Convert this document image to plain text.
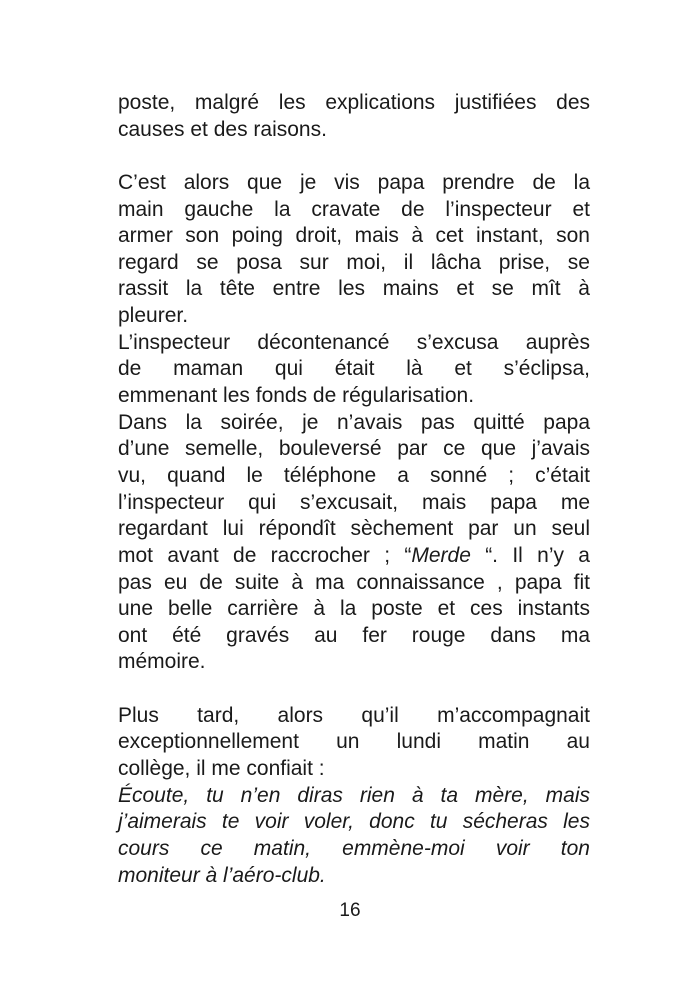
poste, malgré les explications justifiées des
causes et des raisons.
C’est alors que je vis papa prendre de la
main gauche la cravate de l’inspecteur et
armer son poing droit, mais à cet instant, son
regard se posa sur moi, il lâcha prise, se
rassit la tête entre les mains et se mît à
pleurer.
L’inspecteur décontenancé s’excusa auprès
de maman qui était là et s’éclipsa,
emmenant les fonds de régularisation.
Dans la soirée, je n’avais pas quitté papa
d’une semelle, bouleversé par ce que j’avais
vu, quand le téléphone a sonné ; c’était
l’inspecteur qui s’excusait, mais papa me
regardant lui répondît sèchement par un seul
mot avant de raccrocher ; “Merde “. Il n’y a
pas eu de suite à ma connaissance , papa fit
une belle carrière à la poste et ces instants
ont été gravés au fer rouge dans ma
mémoire.
Plus tard, alors qu’il m’accompagnait
exceptionnellement un lundi matin au
collège, il me confiait :
Écoute, tu n’en diras rien à ta mère, mais
j’aimerais te voir voler, donc tu sécheras les
cours ce matin, emmène-moi voir ton
moniteur à l’aéro-club.
16
